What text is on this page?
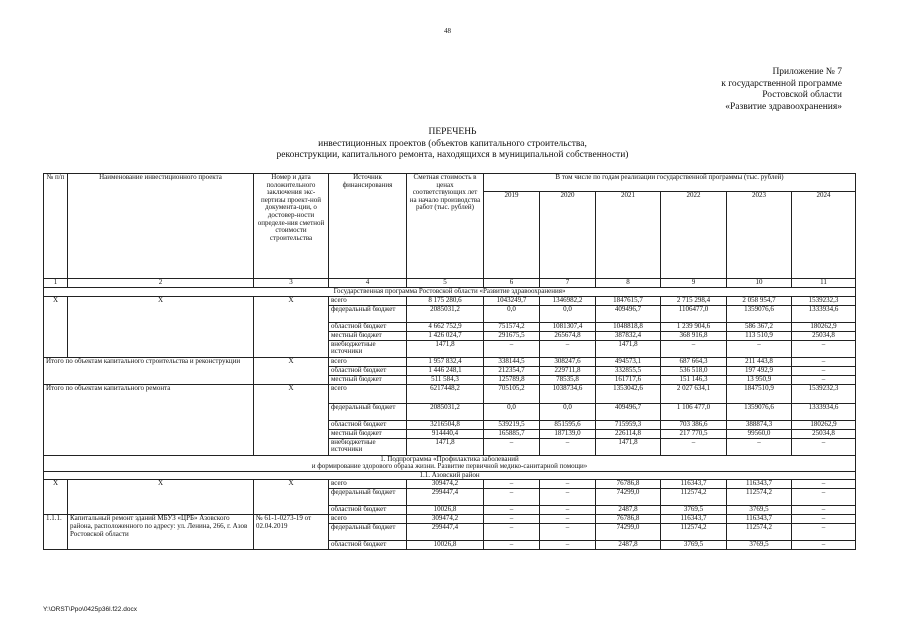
48
Приложение № 7
к государственной программе
Ростовской области
«Развитие здравоохранения»
ПЕРЕЧЕНЬ
инвестиционных проектов (объектов капитального строительства,
реконструкции, капитального ремонта, находящихся в муниципальной собственности)
№ п/п	Наименование инвестиционного проекта	Номер и дата положительного заключения экс-пертизы проект-ной документа-ции, о достовер-ности определе-ния сметной стоимости строительства	Источник финансирования	Сметная стоимость в ценах соответствующих лет на начало производства работ (тыс. рублей)	В том числе по годам реализации государственной программы (тыс. рублей)					
					2019	2020	2021	2022	2023	2024
1	2	3	4	5	6	7	8	9	10	11
Государственная программа Ростовской области «Развитие здравоохранения»										
Х	Х	Х	всего	8 175 280,6	1043249,7	1346982,2	1847615,7	2 715 298,4	2 058 954,7	1539232,3
			федеральный бюджет	2085031,2	0,0	0,0	409496,7	1106477,0	1359076,6	1333934,6
			областной бюджет	4 662 752,9	751574,2	1081307,4	1048818,8	1 239 904,6	586 367,2	180262,9
			местный бюджет	1 426 024,7	291675,5	265674,8	387832,4	368 916,8	113 510,9	25034,8
			внебюджетные источники	1471,8	–	–	1471,8	–	–	–
Итого по объектам капитального строительства и реконструкции		Х	всего	1 957 832,4	338144,5	308247,6	494573,1	687 664,3	211 443,8	–
			областной бюджет	1 446 248,1	212354,7	229711,8	332855,5	536 518,0	197 492,9	–
			местный бюджет	511 584,3	125789,8	78535,8	161717,6	151 146,3	13 950,9	–
Итого по объектам капитального ремонта		Х	всего	6217448,2	705105,2	1038734,6	1353042,6	2 027 634,1	1847510,9	1539232,3
			федеральный бюджет	2085031,2	0,0	0,0	409496,7	1 106 477,0	1359076,6	1333934,6
			областной бюджет	3216504,8	539219,5	851595,6	715959,3	703 386,6	388874,3	180262,9
			местный бюджет	914440,4	165885,7	187139,0	226114,8	217 770,5	99560,0	25034,8
			внебюджетные источники	1471,8	–	–	1471,8	–	–	–

1. Подпрограмма «Профилактика заболеваний
и формирование здорового образа жизни. Развитие первичной медико-санитарной помощи»										

1.1. Азовский район										
Х	Х	Х	всего	309474,2	–	–	76786,8	116343,7	116343,7	–
			федеральный бюджет	299447,4	–	–	74299,0	112574,2	112574,2	–
			областной бюджет	10026,8	–	–	2487,8	3769,5	3769,5	–
1.1.1.	Капитальный ремонт зданий МБУЗ «ЦРБ» Азовского района, расположенного по адресу: ул. Ленина, 266, г. Азов Ростовской области	№ 61-1-0273-19 от 02.04.2019	всего	309474,2	–	–	76786,8	116343,7	116343,7	–
			федеральный бюджет	299447,4	–	–	74299,0	112574,2	112574,2	–
			областной бюджет	10026,8	–	–	2487,8	3769,5	3769,5	–
Y:\ORST\Ppo\0425p36l.f22.docx
